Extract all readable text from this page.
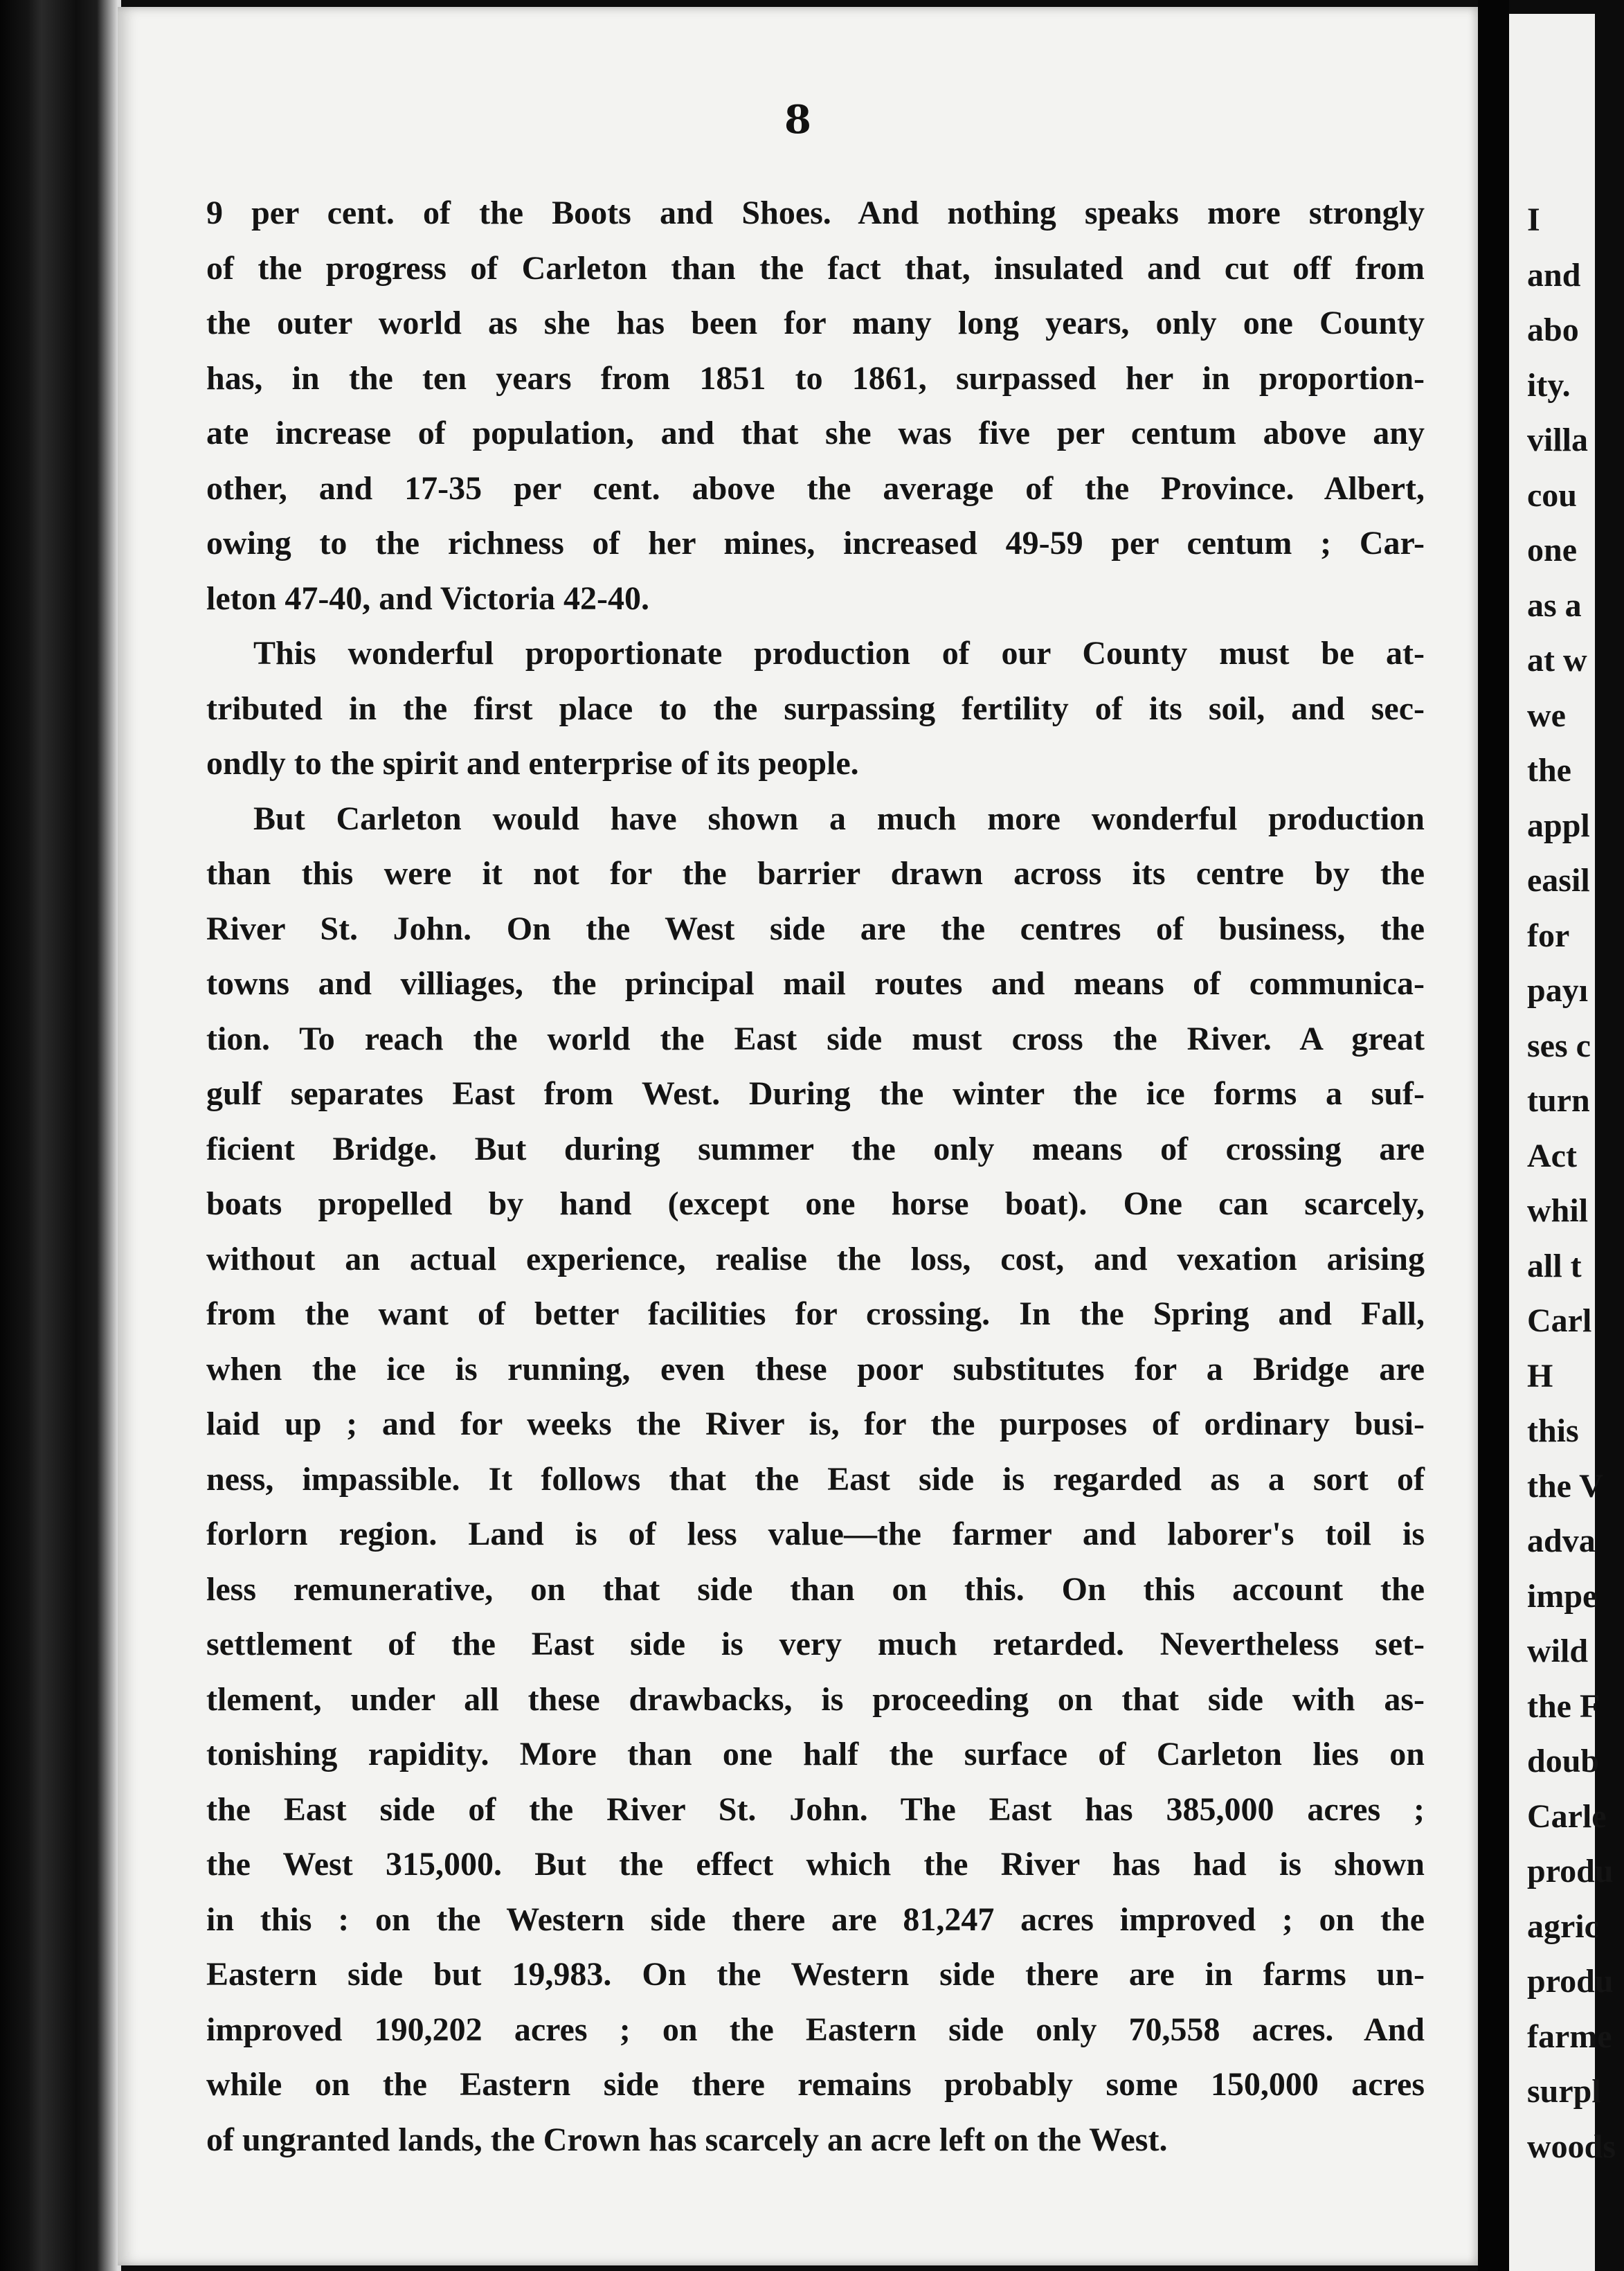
8
9 per cent. of the Boots and Shoes. And nothing speaks more strongly
of the progress of Carleton than the fact that, insulated and cut off from
the outer world as she has been for many long years, only one County
has, in the ten years from 1851 to 1861, surpassed her in proportion-
ate increase of population, and that she was five per centum above any
other, and 17-35 per cent. above the average of the Province. Albert,
owing to the richness of her mines, increased 49-59 per centum ; Car-
leton 47-40, and Victoria 42-40.
This wonderful proportionate production of our County must be at-
tributed in the first place to the surpassing fertility of its soil, and sec-
ondly to the spirit and enterprise of its people.
But Carleton would have shown a much more wonderful production
than this were it not for the barrier drawn across its centre by the
River St. John. On the West side are the centres of business, the
towns and villiages, the principal mail routes and means of communica-
tion. To reach the world the East side must cross the River. A great
gulf separates East from West. During the winter the ice forms a suf-
ficient Bridge. But during summer the only means of crossing are
boats propelled by hand (except one horse boat). One can scarcely,
without an actual experience, realise the loss, cost, and vexation arising
from the want of better facilities for crossing. In the Spring and Fall,
when the ice is running, even these poor substitutes for a Bridge are
laid up ; and for weeks the River is, for the purposes of ordinary busi-
ness, impassible. It follows that the East side is regarded as a sort of
forlorn region. Land is of less value—the farmer and laborer's toil is
less remunerative, on that side than on this. On this account the
settlement of the East side is very much retarded. Nevertheless set-
tlement, under all these drawbacks, is proceeding on that side with as-
tonishing rapidity. More than one half the surface of Carleton lies on
the East side of the River St. John. The East has 385,000 acres ;
the West 315,000. But the effect which the River has had is shown
in this : on the Western side there are 81,247 acres improved ; on the
Eastern side but 19,983. On the Western side there are in farms un-
improved 190,202 acres ; on the Eastern side only 70,558 acres. And
while on the Eastern side there remains probably some 150,000 acres
of ungranted lands, the Crown has scarcely an acre left on the West.
I
and
abo
ity.
villa
cou
one
as a
at w
we
the
appl
easil
for
payı
ses c
turn
Act
whil
all t
Carl
H
this
the V
adva
impe
wild
the F
doub
Carle
produ
agric
produ
farme
surpl
woods
